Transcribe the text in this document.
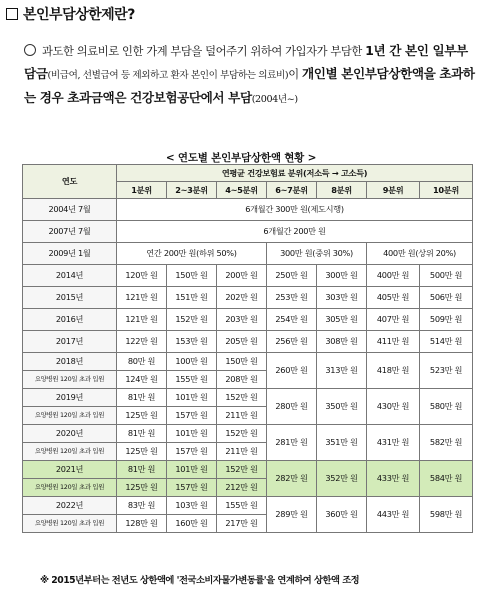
본인부담상한제란?
과도한 의료비로 인한 가계 부담을 덜어주기 위하여 가입자가 부담한 1년 간 본인 일부부담금(비급여, 선별급여 등 제외하고 환자 본인이 부담하는 의료비)이 개인별 본인부담상한액을 초과하는 경우 초과금액은 건강보험공단에서 부담(2004년~)
< 연도별 본인부담상한액 현황 >
연도	연평균 건강보험료 분위(저소득 → 고소득)						
	1분위	2~3분위	4~5분위	6~7분위	8분위	9분위	10분위
2004년 7월	6개월간 300만 원(제도시행)						
2007년 7월	6개월간 200만 원						
2009년 1월	연간 200만 원(하위 50%)			300만 원(중위 30%)		400만 원(상위 20%)	
2014년	120만 원	150만 원	200만 원	250만 원	300만 원	400만 원	500만 원
2015년	121만 원	151만 원	202만 원	253만 원	303만 원	405만 원	506만 원
2016년	121만 원	152만 원	203만 원	254만 원	305만 원	407만 원	509만 원
2017년	122만 원	153만 원	205만 원	256만 원	308만 원	411만 원	514만 원
2018년	80만 원	100만 원	150만 원	260만 원	313만 원	418만 원	523만 원
요양병원 120일 초과 입원	124만 원	155만 원	208만 원				
2019년	81만 원	101만 원	152만 원	280만 원	350만 원	430만 원	580만 원
요양병원 120일 초과 입원	125만 원	157만 원	211만 원				
2020년	81만 원	101만 원	152만 원	281만 원	351만 원	431만 원	582만 원
요양병원 120일 초과 입원	125만 원	157만 원	211만 원				
2021년	81만 원	101만 원	152만 원	282만 원	352만 원	433만 원	584만 원
요양병원 120일 초과 입원	125만 원	157만 원	212만 원				
2022년	83만 원	103만 원	155만 원	289만 원	360만 원	443만 원	598만 원
요양병원 120일 초과 입원	128만 원	160만 원	217만 원				
※ 2015년부터는 전년도 상한액에 '전국소비자물가변동률'을 연계하여 상한액 조정
